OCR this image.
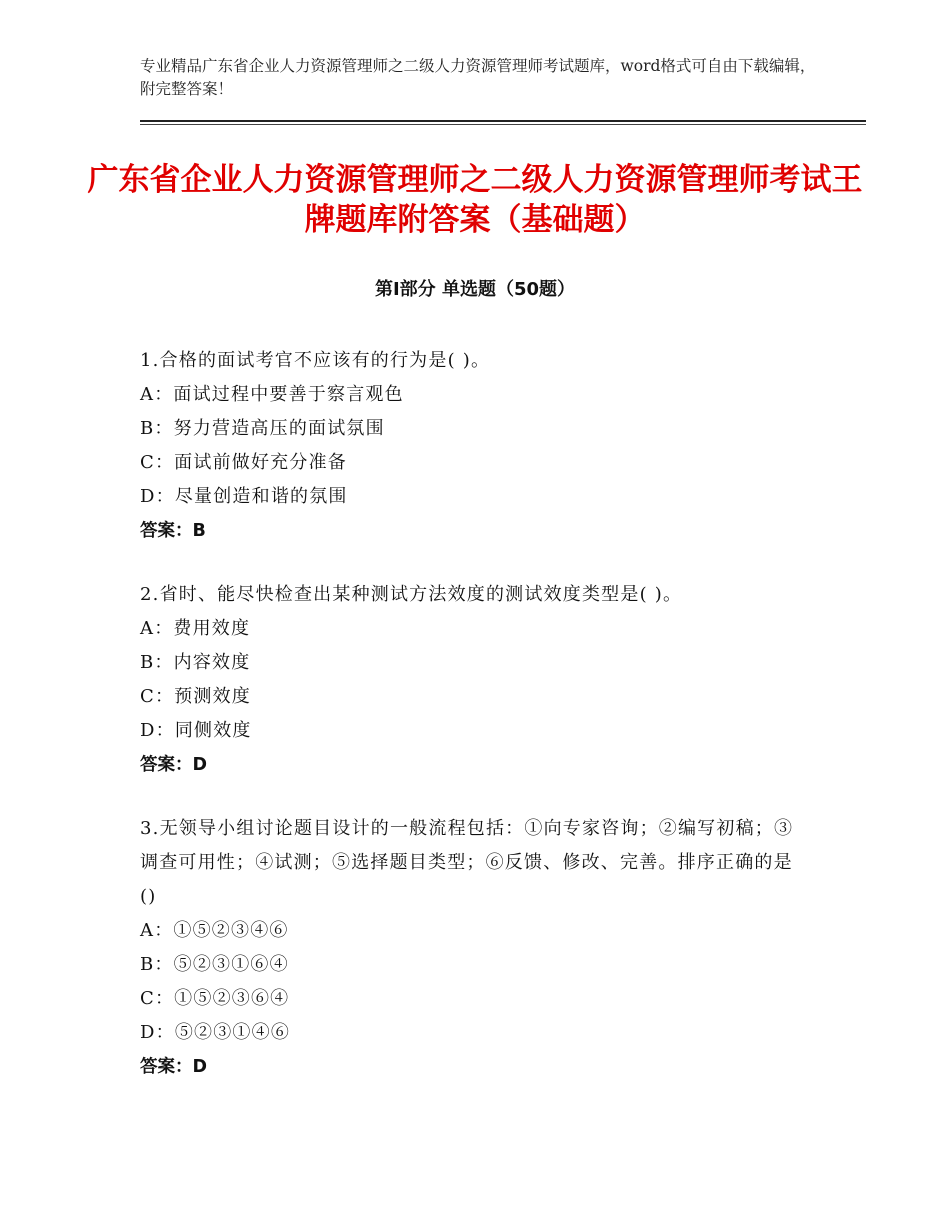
专业精品广东省企业人力资源管理师之二级人力资源管理师考试题库，word格式可自由下载编辑，附完整答案！
广东省企业人力资源管理师之二级人力资源管理师考试王牌题库附答案（基础题）
第Ⅰ部分 单选题（50题）
1.合格的面试考官不应该有的行为是( )。
A：面试过程中要善于察言观色
B：努力营造高压的面试氛围
C：面试前做好充分准备
D：尽量创造和谐的氛围
答案：B
2.省时、能尽快检查出某种测试方法效度的测试效度类型是( )。
A：费用效度
B：内容效度
C：预测效度
D：同侧效度
答案：D
3.无领导小组讨论题目设计的一般流程包括：①向专家咨询；②编写初稿；③调查可用性；④试测；⑤选择题目类型；⑥反馈、修改、完善。排序正确的是()
A：①⑤②③④⑥
B：⑤②③①⑥④
C：①⑤②③⑥④
D：⑤②③①④⑥
答案：D
